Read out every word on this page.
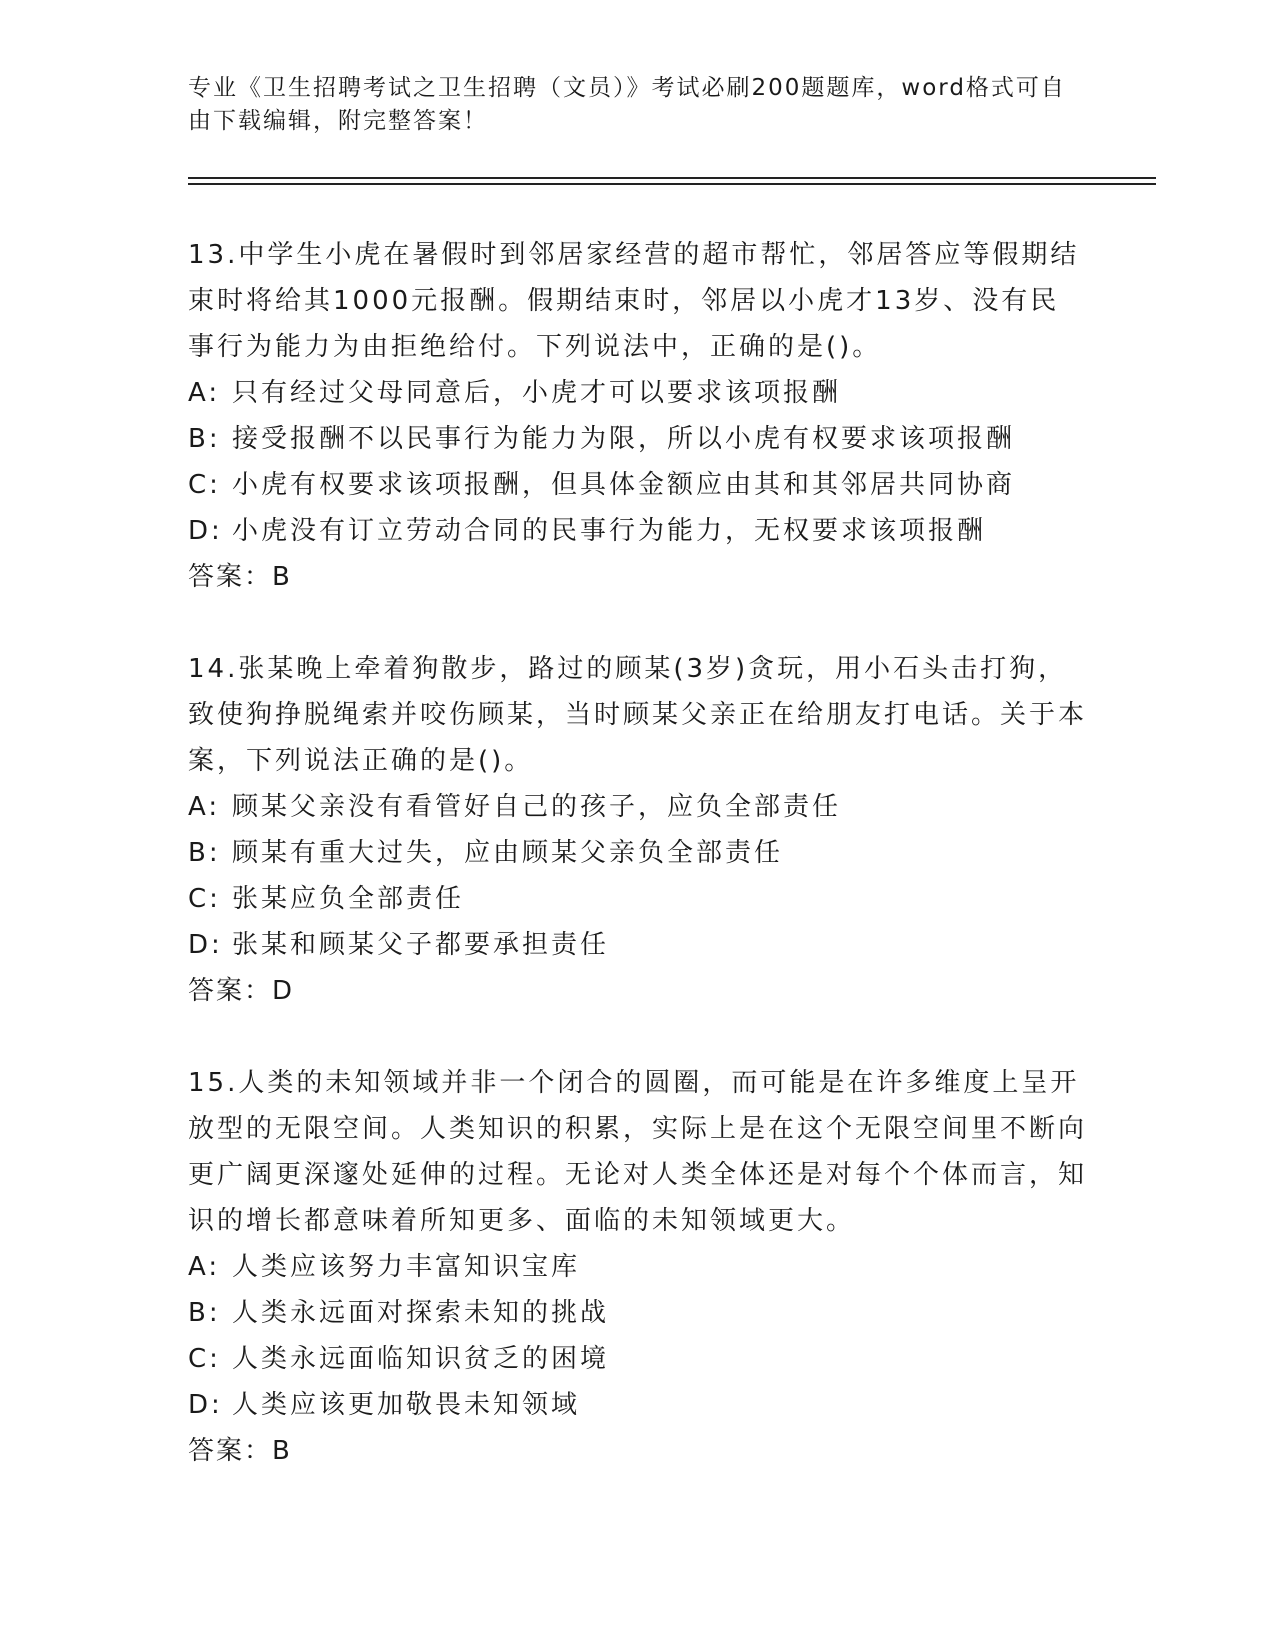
专业《卫生招聘考试之卫生招聘（文员）》考试必刷200题题库，word格式可自由下载编辑，附完整答案！

13.中学生小虎在暑假时到邻居家经营的超市帮忙，邻居答应等假期结束时将给其1000元报酬。假期结束时，邻居以小虎才13岁、没有民事行为能力为由拒绝给付。下列说法中，正确的是()。

A: 只有经过父母同意后，小虎才可以要求该项报酬
B: 接受报酬不以民事行为能力为限，所以小虎有权要求该项报酬
C: 小虎有权要求该项报酬，但具体金额应由其和其邻居共同协商
D: 小虎没有订立劳动合同的民事行为能力，无权要求该项报酬

答案：B

14.张某晚上牵着狗散步，路过的顾某(3岁)贪玩，用小石头击打狗，致使狗挣脱绳索并咬伤顾某，当时顾某父亲正在给朋友打电话。关于本案，下列说法正确的是()。

A: 顾某父亲没有看管好自己的孩子，应负全部责任
B: 顾某有重大过失，应由顾某父亲负全部责任
C: 张某应负全部责任
D: 张某和顾某父子都要承担责任

答案：D

15.人类的未知领域并非一个闭合的圆圈，而可能是在许多维度上呈开放型的无限空间。人类知识的积累，实际上是在这个无限空间里不断向更广阔更深邃处延伸的过程。无论对人类全体还是对每个个体而言，知识的增长都意味着所知更多、面临的未知领域更大。

A: 人类应该努力丰富知识宝库
B: 人类永远面对探索未知的挑战
C: 人类永远面临知识贫乏的困境
D: 人类应该更加敬畏未知领域

答案：B
